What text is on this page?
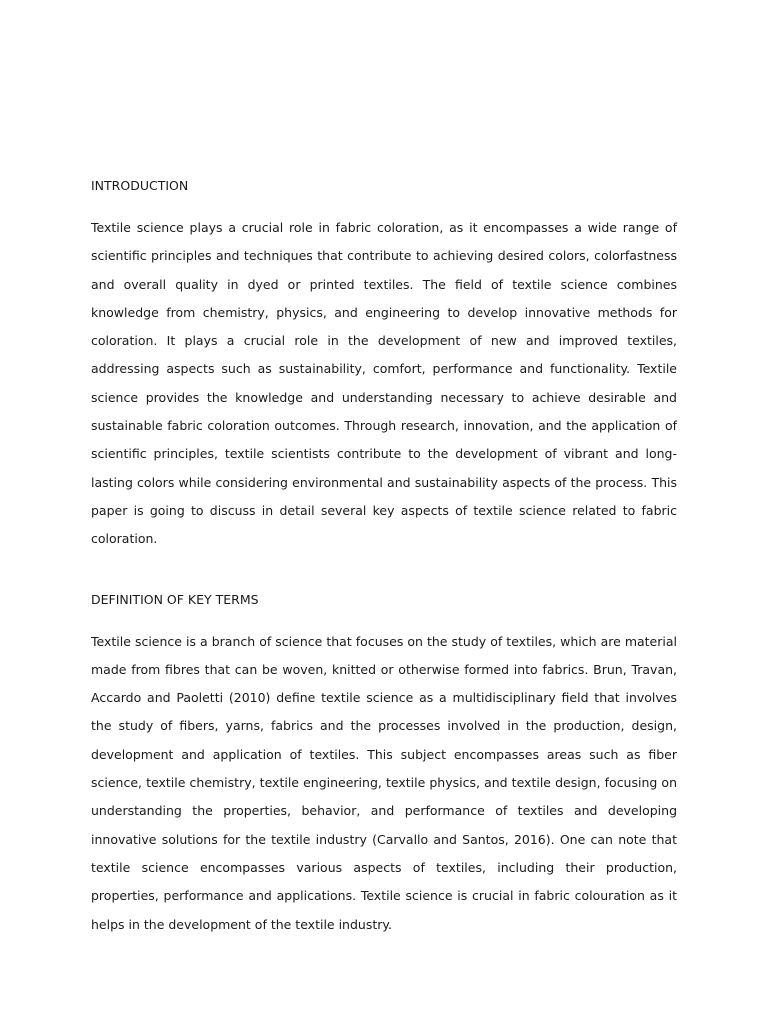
INTRODUCTION

Textile science plays a crucial role in fabric coloration, as it encompasses a wide range of scientific principles and techniques that contribute to achieving desired colors, colorfastness and overall quality in dyed or printed textiles. The field of textile science combines knowledge from chemistry, physics, and engineering to develop innovative methods for coloration. It plays a crucial role in the development of new and improved textiles, addressing aspects such as sustainability, comfort, performance and functionality. Textile science provides the knowledge and understanding necessary to achieve desirable and sustainable fabric coloration outcomes. Through research, innovation, and the application of scientific principles, textile scientists contribute to the development of vibrant and long-lasting colors while considering environmental and sustainability aspects of the process. This paper is going to discuss in detail several key aspects of textile science related to fabric coloration.

DEFINITION OF KEY TERMS

Textile science is a branch of science that focuses on the study of textiles, which are material made from fibres that can be woven, knitted or otherwise formed into fabrics. Brun, Travan, Accardo and Paoletti (2010) define textile science as a multidisciplinary field that involves the study of fibers, yarns, fabrics and the processes involved in the production, design, development and application of textiles. This subject encompasses areas such as fiber science, textile chemistry, textile engineering, textile physics, and textile design, focusing on understanding the properties, behavior, and performance of textiles and developing innovative solutions for the textile industry (Carvallo and Santos, 2016). One can note that textile science encompasses various aspects of textiles, including their production, properties, performance and applications. Textile science is crucial in fabric colouration as it helps in the development of the textile industry.
